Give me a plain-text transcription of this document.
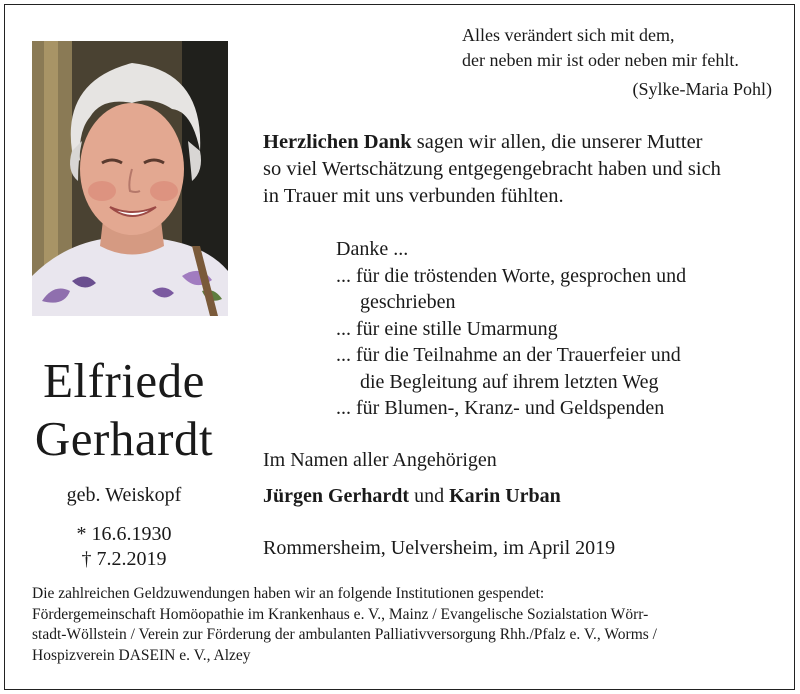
Alles verändert sich mit dem,
der neben mir ist oder neben mir fehlt.
(Sylke-Maria Pohl)
Herzlichen Dank sagen wir allen, die unserer Mutter
so viel Wertschätzung entgegengebracht haben und sich
in Trauer mit uns verbunden fühlten.
Danke ...
... für die tröstenden Worte, gesprochen und
geschrieben
... für eine stille Umarmung
... für die Teilnahme an der Trauerfeier und
die Begleitung auf ihrem letzten Weg
... für Blumen-, Kranz- und Geldspenden
Elfriede
Gerhardt
geb. Weiskopf
* 16.6.1930
† 7.2.2019
Im Namen aller Angehörigen
Jürgen Gerhardt und Karin Urban
Rommersheim, Uelversheim, im April 2019
Die zahlreichen Geldzuwendungen haben wir an folgende Institutionen gespendet:
Fördergemeinschaft Homöopathie im Krankenhaus e. V., Mainz / Evangelische Sozialstation Wörr-
stadt-Wöllstein / Verein zur Förderung der ambulanten Palliativversorgung Rhh./Pfalz e. V., Worms /
Hospizverein DASEIN e. V., Alzey
